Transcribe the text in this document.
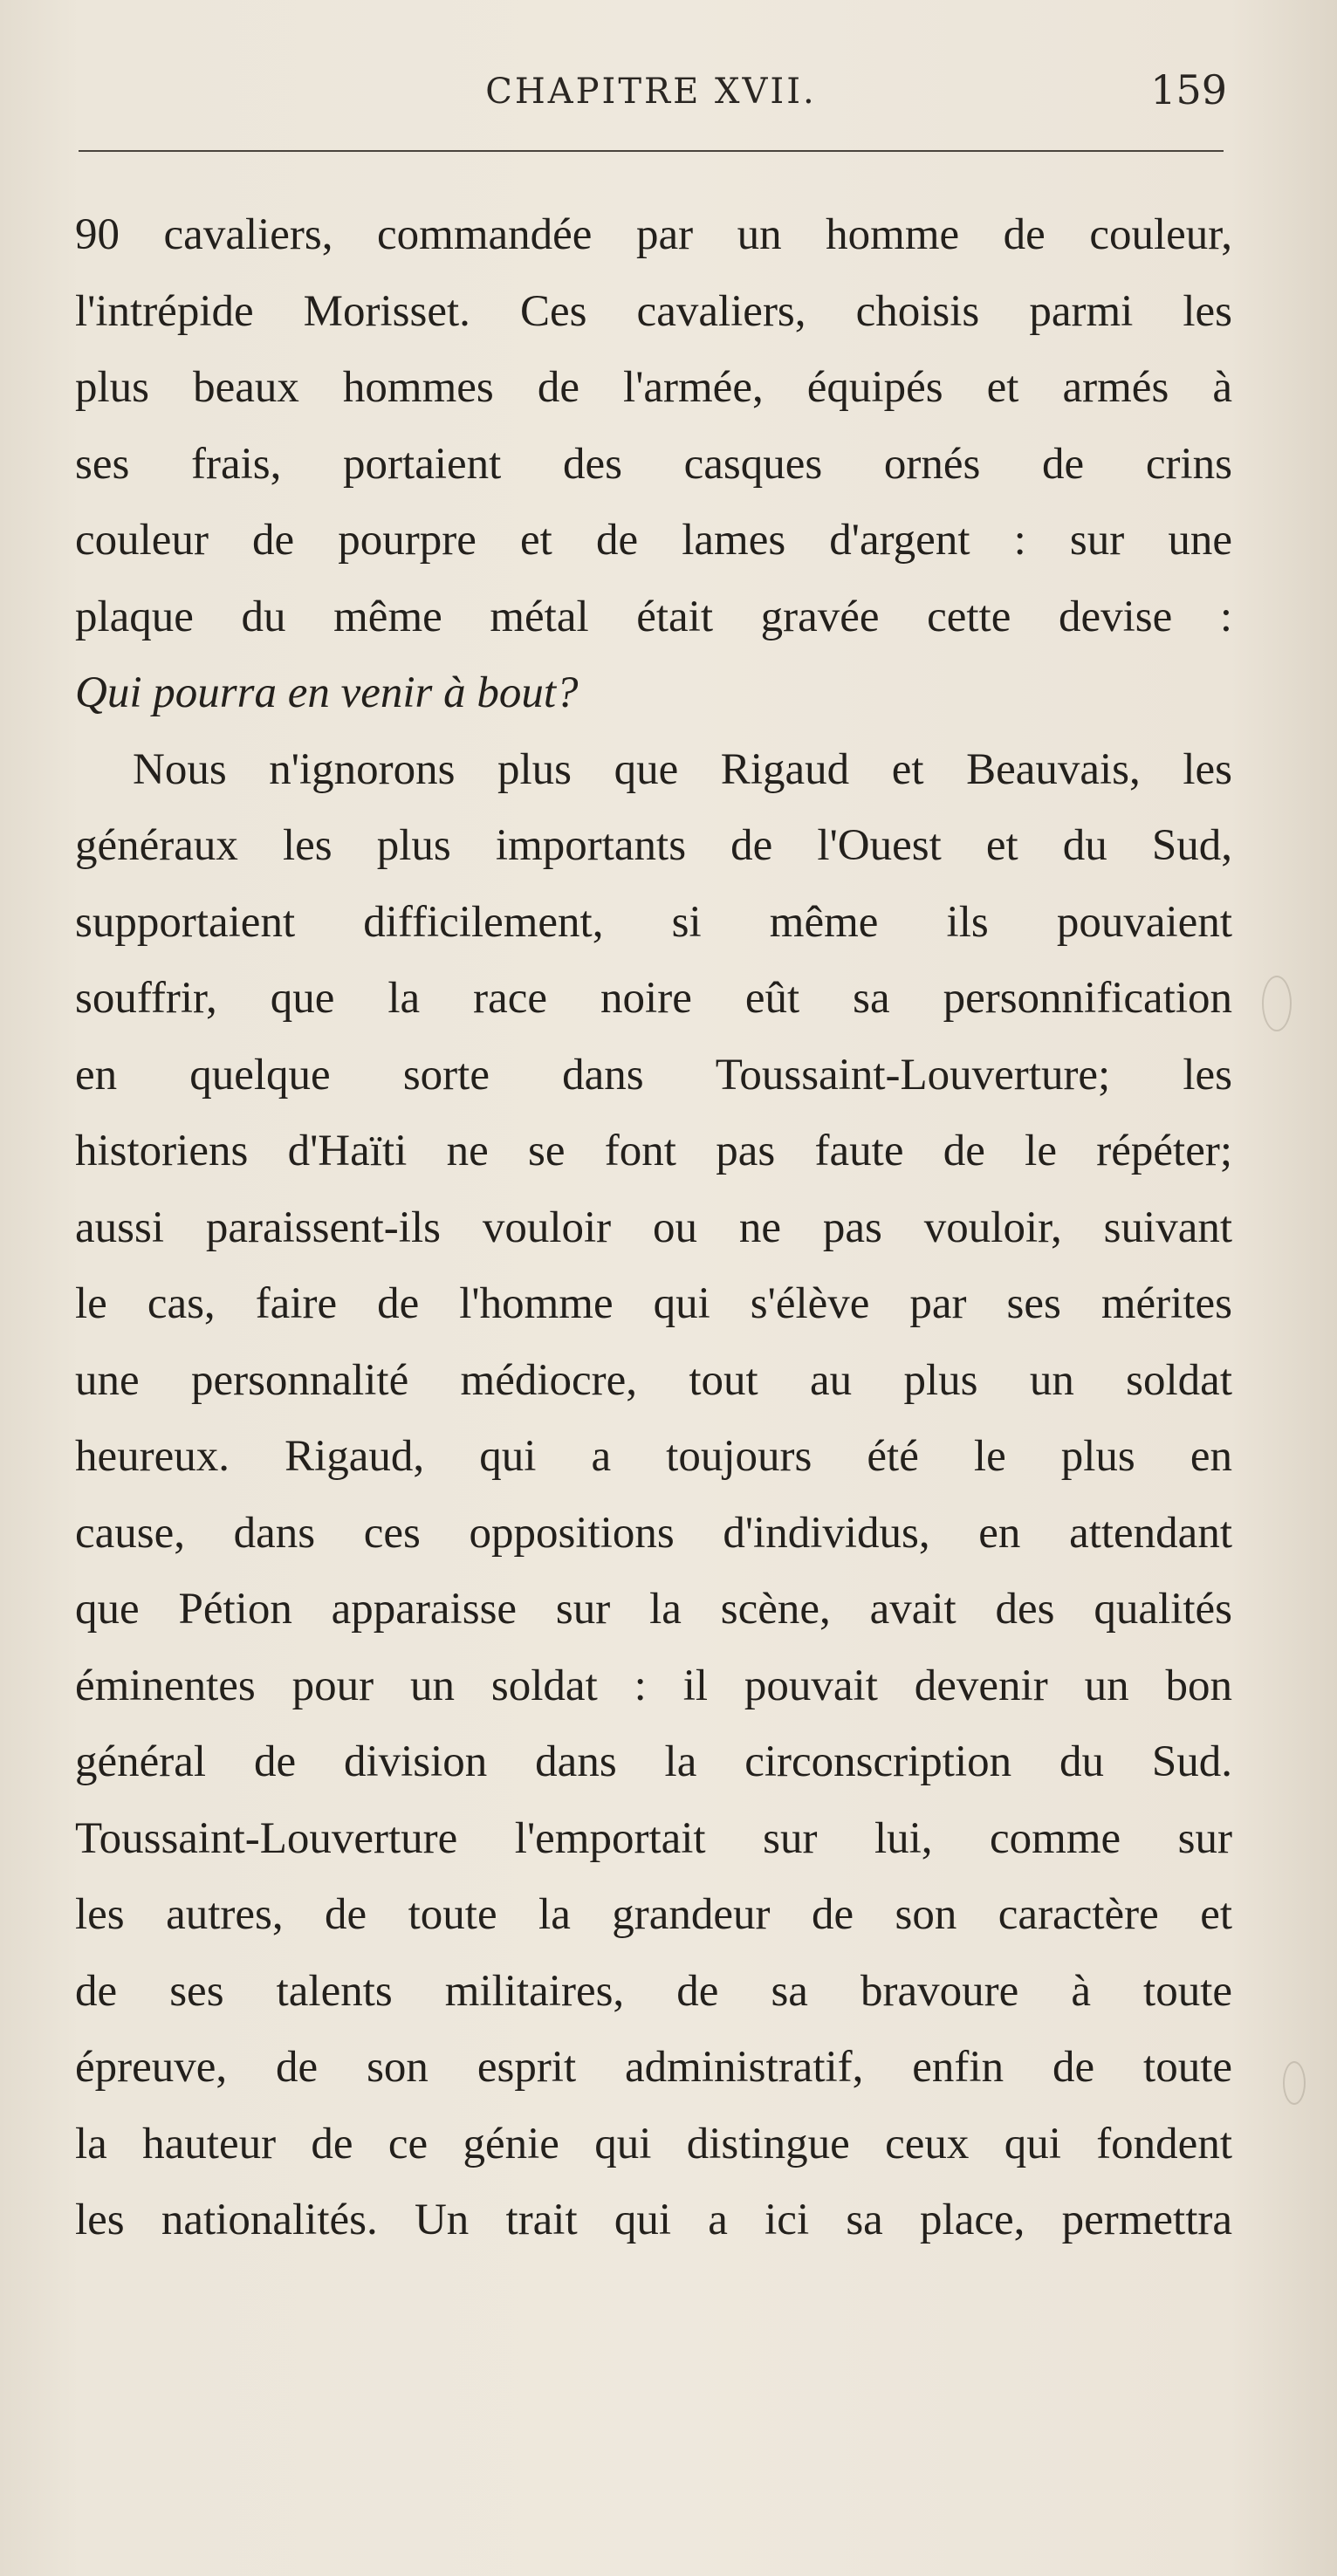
CHAPITRE XVII.	159
90 cavaliers, commandée par un homme de couleur,
l'intrépide Morisset. Ces cavaliers, choisis parmi les
plus beaux hommes de l'armée, équipés et armés à
ses frais, portaient des casques ornés de crins
couleur de pourpre et de lames d'argent : sur une
plaque du même métal était gravée cette devise :
Qui pourra en venir à bout?
Nous n'ignorons plus que Rigaud et Beauvais, les
généraux les plus importants de l'Ouest et du Sud,
supportaient difficilement, si même ils pouvaient
souffrir, que la race noire eût sa personnification
en quelque sorte dans Toussaint-Louverture; les
historiens d'Haïti ne se font pas faute de le répéter;
aussi paraissent-ils vouloir ou ne pas vouloir, suivant
le cas, faire de l'homme qui s'élève par ses mérites
une personnalité médiocre, tout au plus un soldat
heureux. Rigaud, qui a toujours été le plus en
cause, dans ces oppositions d'individus, en attendant
que Pétion apparaisse sur la scène, avait des qualités
éminentes pour un soldat : il pouvait devenir un bon
général de division dans la circonscription du Sud.
Toussaint-Louverture l'emportait sur lui, comme sur
les autres, de toute la grandeur de son caractère et
de ses talents militaires, de sa bravoure à toute
épreuve, de son esprit administratif, enfin de toute
la hauteur de ce génie qui distingue ceux qui fondent
les nationalités. Un trait qui a ici sa place, permettra
